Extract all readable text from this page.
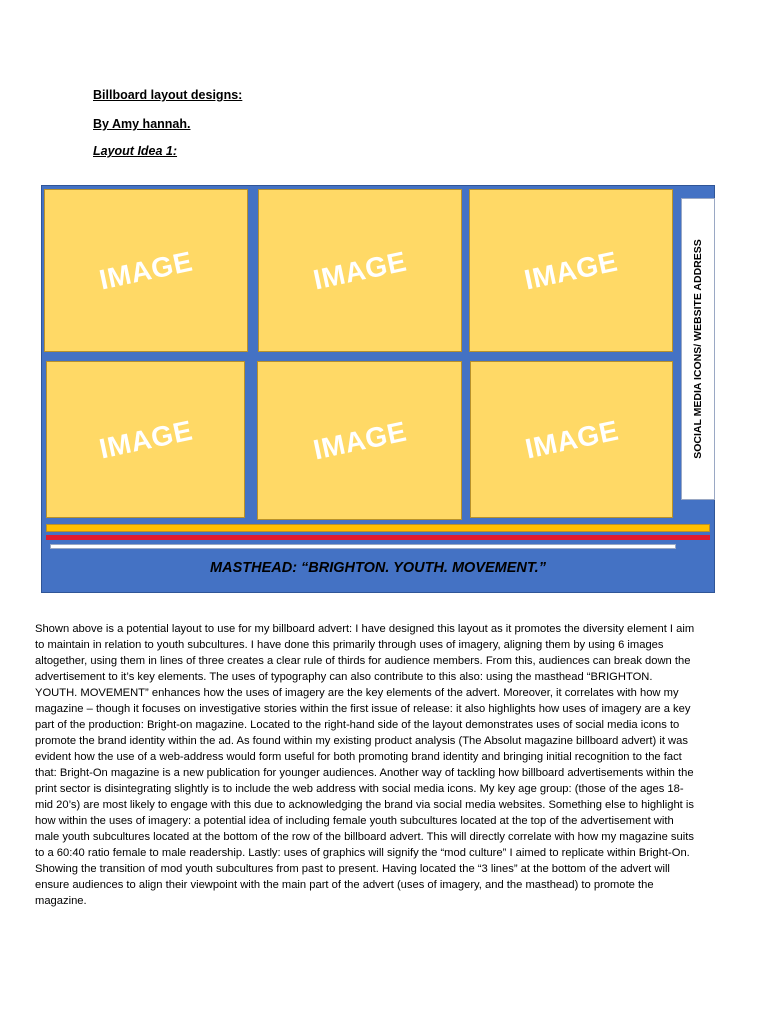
Billboard layout designs:
By Amy hannah.
Layout Idea 1:
IMAGE	IMAGE	IMAGE
IMAGE	IMAGE	IMAGE	SOCIAL MEDIA ICONS/ WEBSITE ADDRESS
MASTHEAD: “BRIGHTON. YOUTH. MOVEMENT.”

Shown above is a potential layout to use for my billboard advert: I have designed this layout as it promotes the diversity element I aim to maintain in relation to youth subcultures. I have done this primarily through uses of imagery, aligning them by using 6 images altogether, using them in lines of three creates a clear rule of thirds for audience members. From this, audiences can break down the advertisement to it’s key elements. The uses of typography can also contribute to this also: using the masthead “BRIGHTON. YOUTH. MOVEMENT” enhances how the uses of imagery are the key elements of the advert. Moreover, it correlates with how my magazine – though it focuses on investigative stories within the first issue of release: it also highlights how uses of imagery are a key part of the production: Bright-on magazine. Located to the right-hand side of the layout demonstrates uses of social media icons to promote the brand identity within the ad. As found within my existing product analysis (The Absolut magazine billboard advert) it was evident how the use of a web-address would form useful for both promoting brand identity and bringing initial recognition to the fact that: Bright-On magazine is a new publication for younger audiences. Another way of tackling how billboard advertisements within the print sector is disintegrating slightly is to include the web address with social media icons. My key age group: (those of the ages 18-mid 20’s) are most likely to engage with this due to acknowledging the brand via social media websites. Something else to highlight is how within the uses of imagery: a potential idea of including female youth subcultures located at the top of the advertisement with male youth subcultures located at the bottom of the row of the billboard advert. This will directly correlate with how my magazine suits to a 60:40 ratio female to male readership. Lastly: uses of graphics will signify the “mod culture” I aimed to replicate within Bright-On. Showing the transition of mod youth subcultures from past to present. Having located the “3 lines” at the bottom of the advert will ensure audiences to align their viewpoint with the main part of the advert (uses of imagery, and the masthead) to promote the magazine.
